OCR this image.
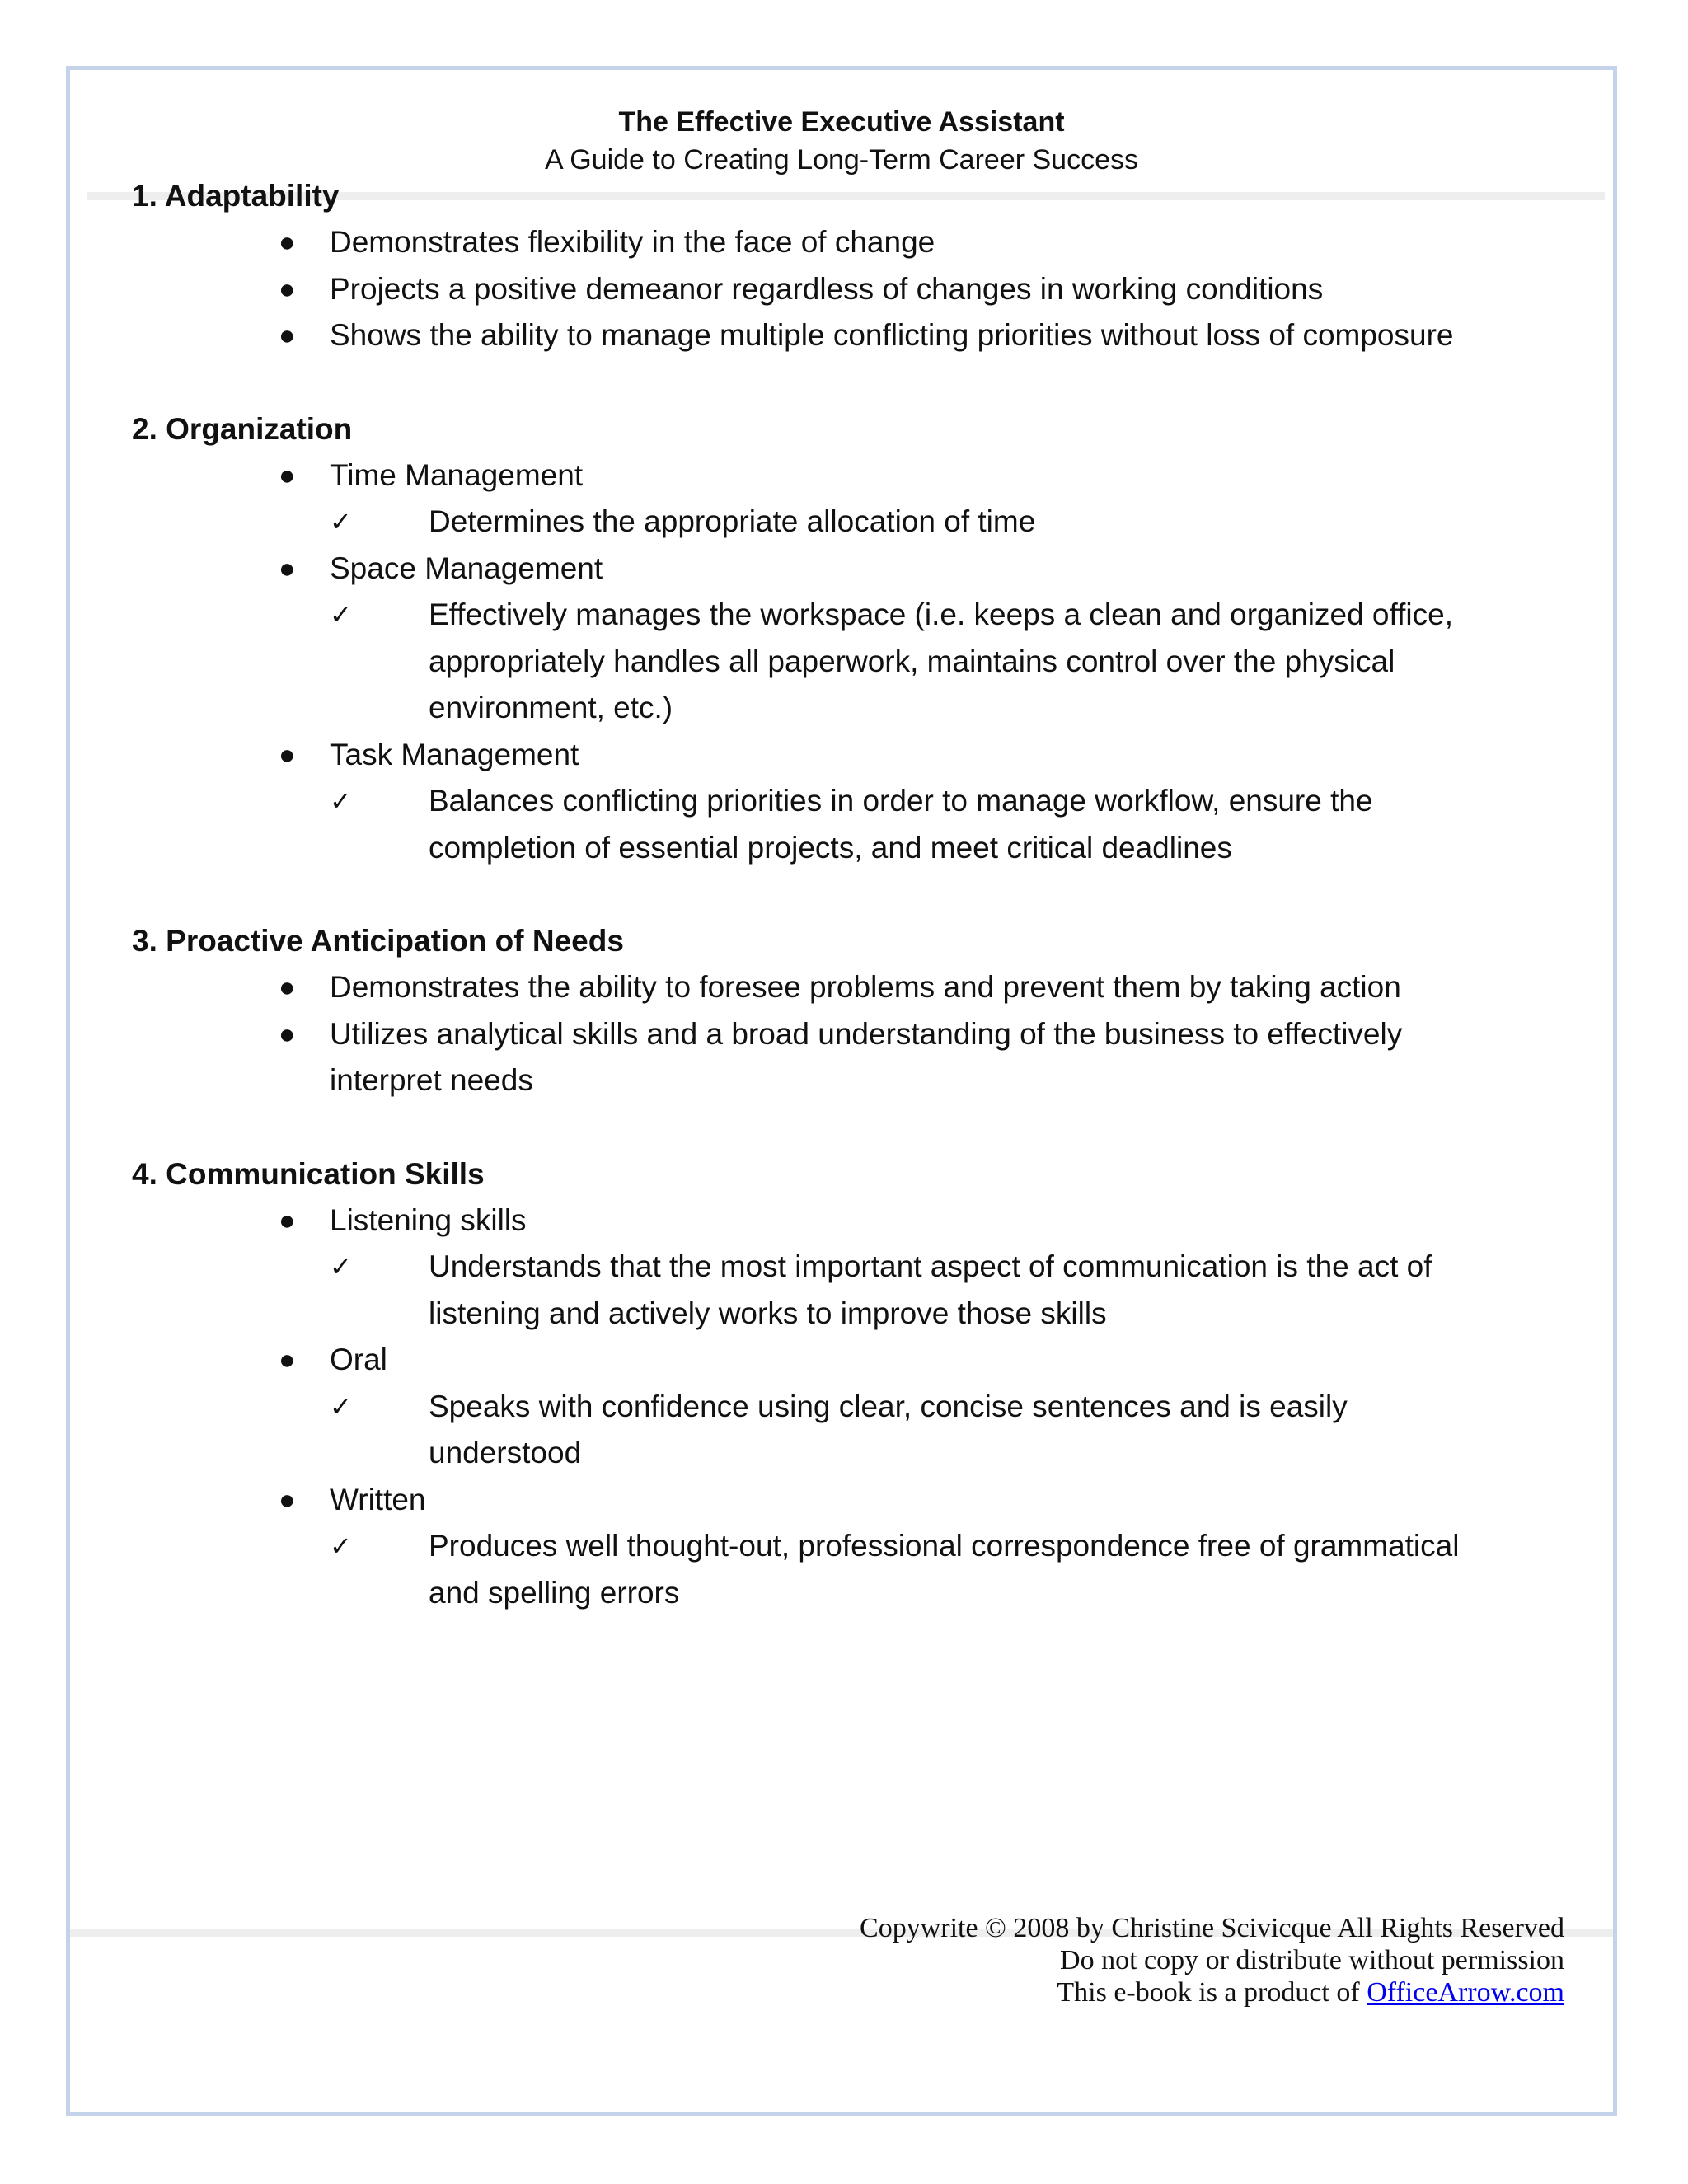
The Effective Executive Assistant
A Guide to Creating Long-Term Career Success
1. Adaptability
● Demonstrates flexibility in the face of change
● Projects a positive demeanor regardless of changes in working conditions
● Shows the ability to manage multiple conflicting priorities without loss of composure
2. Organization
● Time Management
✓	Determines the appropriate allocation of time
● Space Management
✓	Effectively manages the workspace (i.e. keeps a clean and organized office, appropriately handles all paperwork, maintains control over the physical environment, etc.)
● Task Management
✓	Balances conflicting priorities in order to manage workflow, ensure the completion of essential projects, and meet critical deadlines
3. Proactive Anticipation of Needs
● Demonstrates the ability to foresee problems and prevent them by taking action
● Utilizes analytical skills and a broad understanding of the business to effectively interpret needs
4. Communication Skills
● Listening skills
✓	Understands that the most important aspect of communication is the act of listening and actively works to improve those skills
● Oral
✓	Speaks with confidence using clear, concise sentences and is easily understood
● Written
✓	Produces well thought-out, professional correspondence free of grammatical and spelling errors
Copywrite © 2008 by Christine Scivicque All Rights Reserved
Do not copy or distribute without permission
This e-book is a product of OfficeArrow.com
